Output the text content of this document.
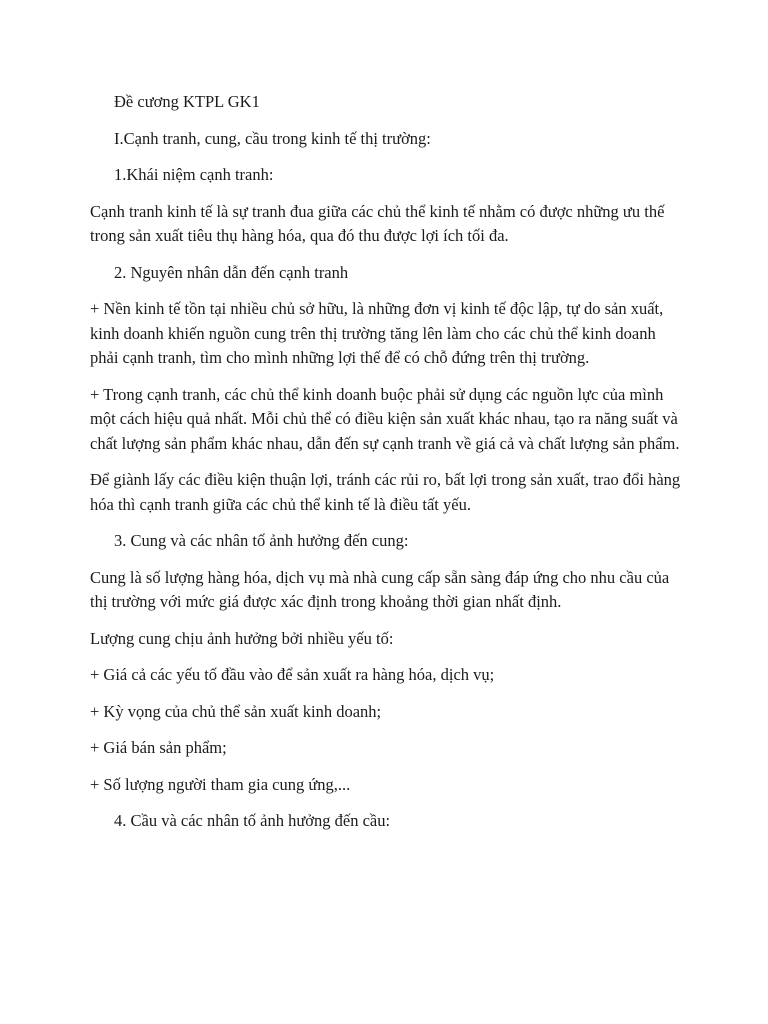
Đề cương KTPL GK1

I.Cạnh tranh, cung, cầu trong kinh tế thị trường:

1.Khái niệm cạnh tranh:

Cạnh tranh kinh tế là sự tranh đua giữa các chủ thể kinh tế nhằm có được những ưu thế trong sản xuất tiêu thụ hàng hóa, qua đó thu được lợi ích tối đa.

2. Nguyên nhân dẫn đến cạnh tranh

+ Nền kinh tế tồn tại nhiều chủ sở hữu, là những đơn vị kinh tế độc lập, tự do sản xuất, kinh doanh khiến nguồn cung trên thị trường tăng lên làm cho các chủ thể kinh doanh phải cạnh tranh, tìm cho mình những lợi thế để có chỗ đứng trên thị trường.

+ Trong cạnh tranh, các chủ thể kinh doanh buộc phải sử dụng các nguồn lực của mình một cách hiệu quả nhất. Mỗi chủ thể có điều kiện sản xuất khác nhau, tạo ra năng suất và chất lượng sản phẩm khác nhau, dẫn đến sự cạnh tranh về giá cả và chất lượng sản phẩm.

Để giành lấy các điều kiện thuận lợi, tránh các rủi ro, bất lợi trong sản xuất, trao đổi hàng hóa thì cạnh tranh giữa các chủ thể kinh tế là điều tất yếu.

3. Cung và các nhân tố ảnh hưởng đến cung:

Cung là số lượng hàng hóa, dịch vụ mà nhà cung cấp sẵn sàng đáp ứng cho nhu cầu của thị trường với mức giá được xác định trong khoảng thời gian nhất định.

Lượng cung chịu ảnh hưởng bởi nhiều yếu tố:

+ Giá cả các yếu tố đầu vào để sản xuất ra hàng hóa, dịch vụ;

+ Kỳ vọng của chủ thể sản xuất kinh doanh;

+ Giá bán sản phẩm;

+ Số lượng người tham gia cung ứng,...

4. Cầu và các nhân tố ảnh hưởng đến cầu:
